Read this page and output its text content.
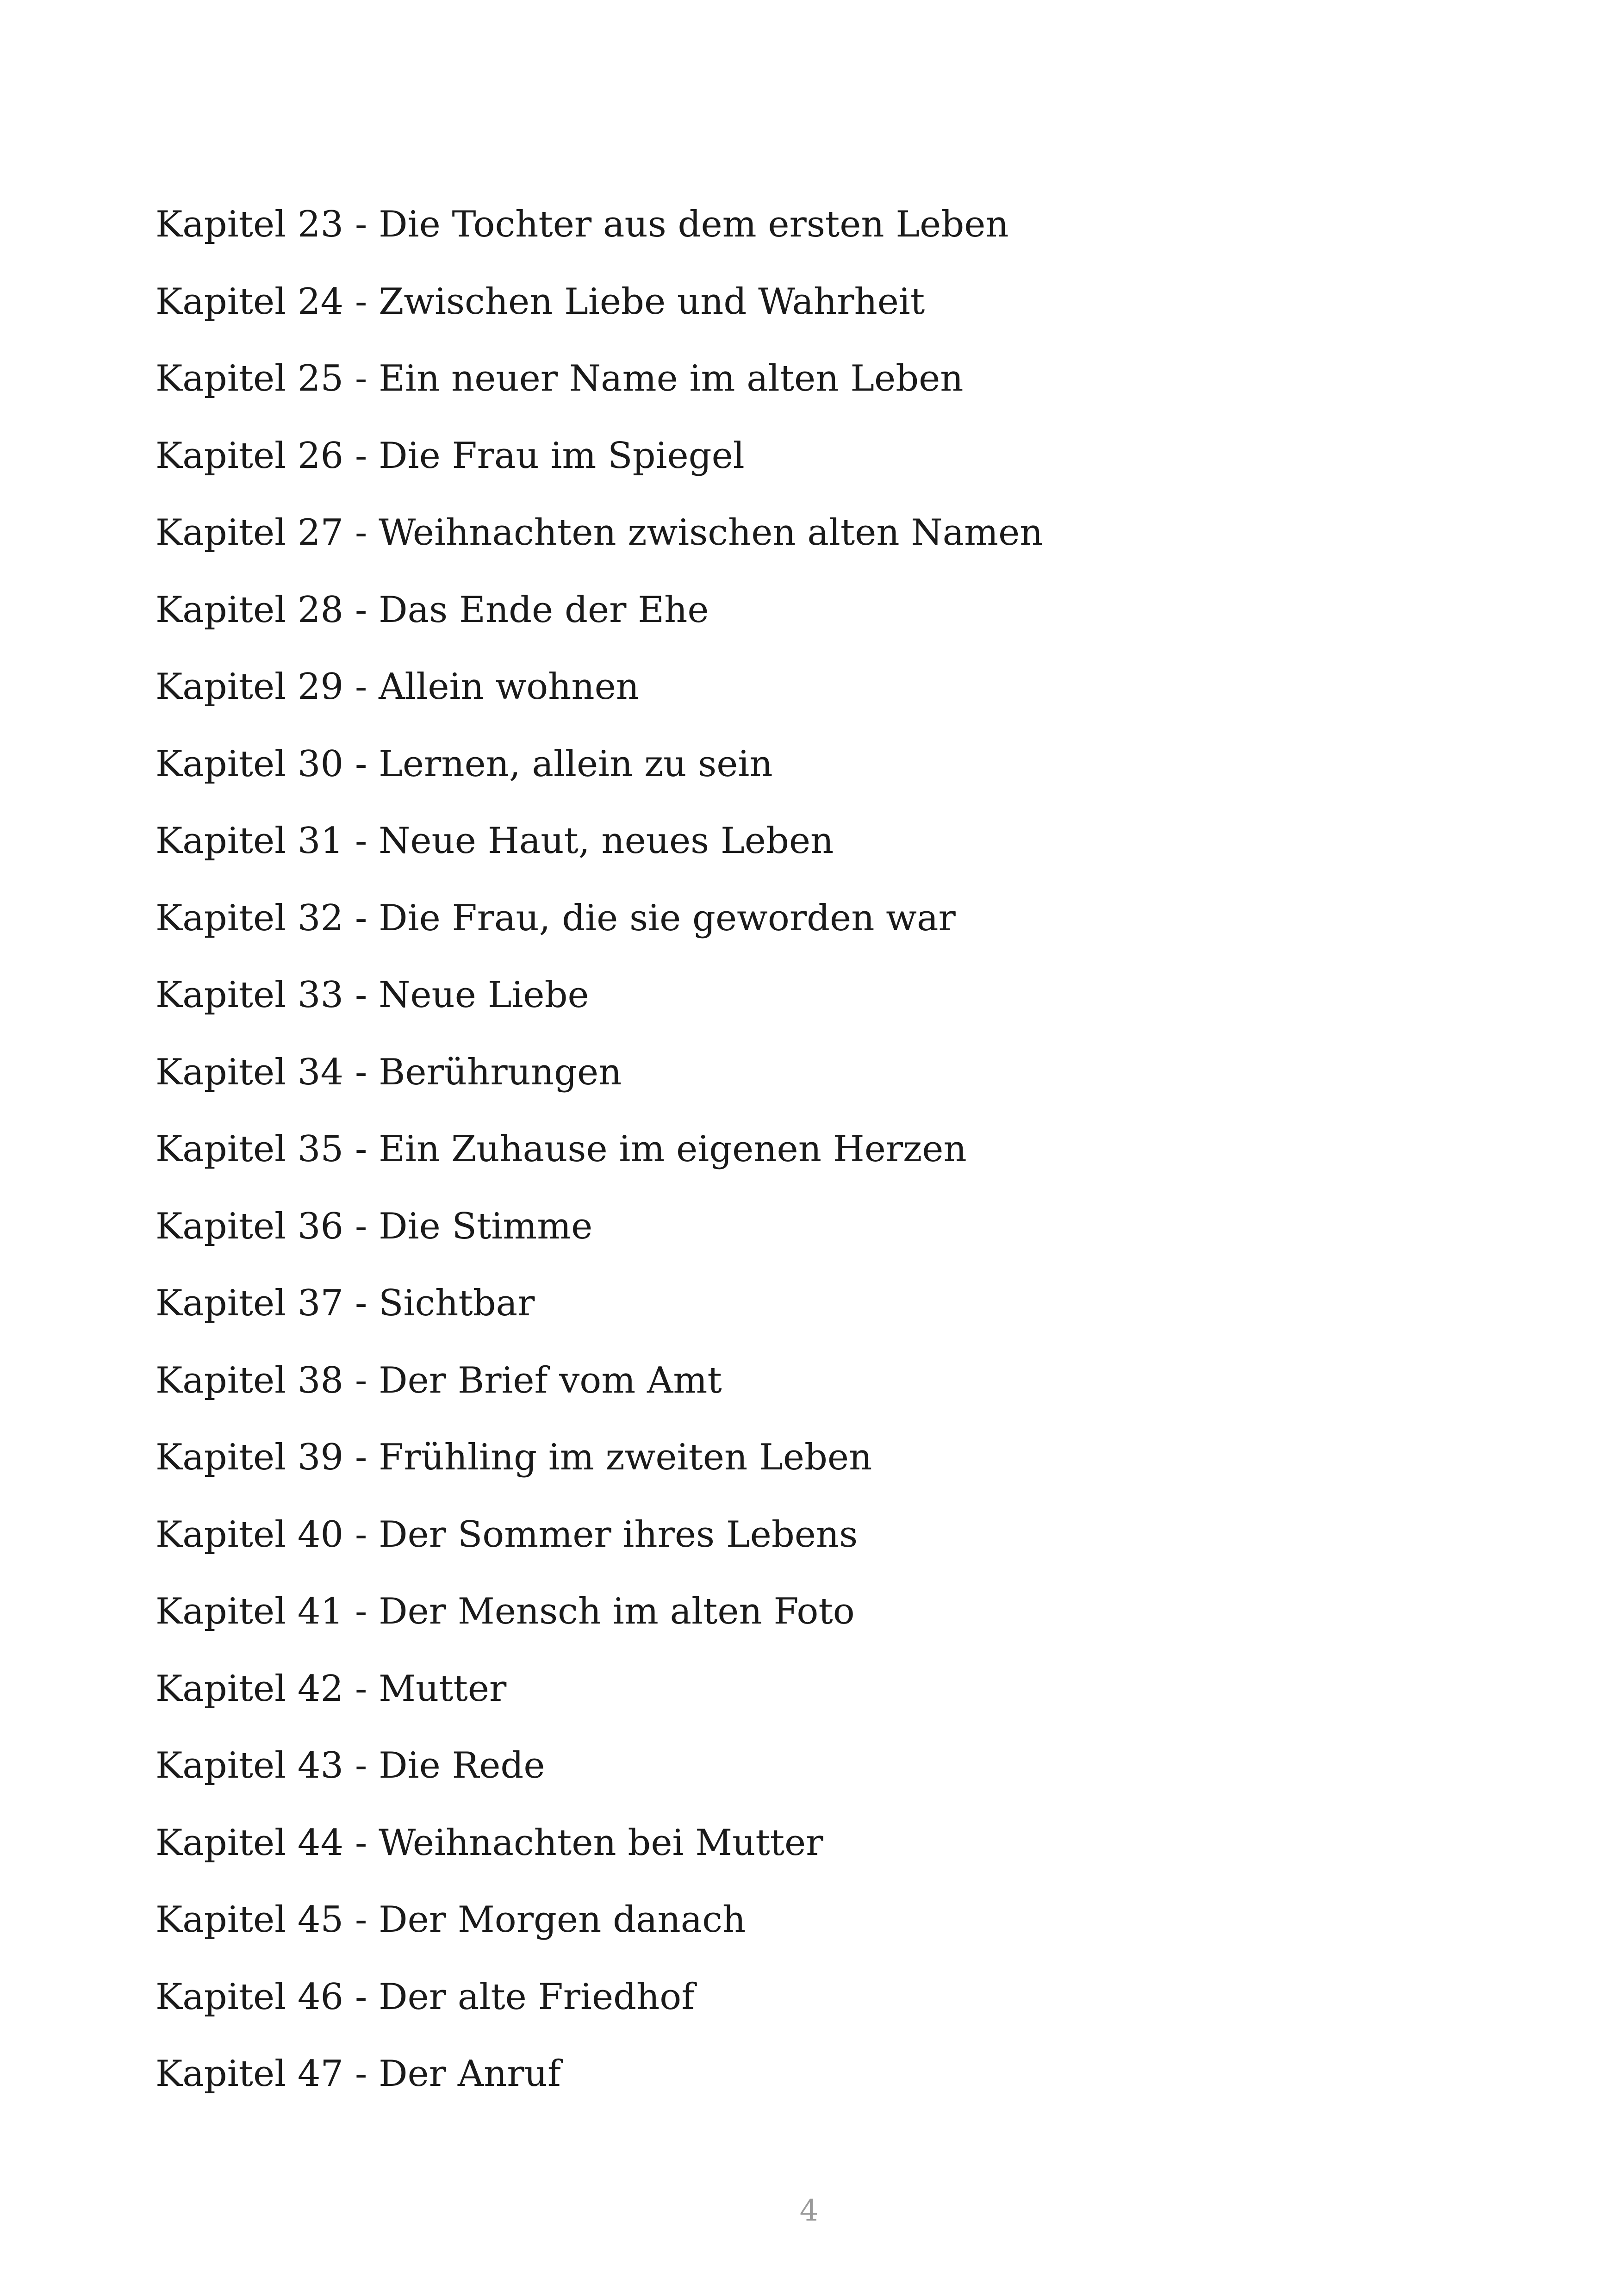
Kapitel 23 - Die Tochter aus dem ersten Leben
Kapitel 24 - Zwischen Liebe und Wahrheit
Kapitel 25 - Ein neuer Name im alten Leben
Kapitel 26 - Die Frau im Spiegel
Kapitel 27 - Weihnachten zwischen alten Namen
Kapitel 28 - Das Ende der Ehe
Kapitel 29 - Allein wohnen
Kapitel 30 - Lernen, allein zu sein
Kapitel 31 - Neue Haut, neues Leben
Kapitel 32 - Die Frau, die sie geworden war
Kapitel 33 - Neue Liebe
Kapitel 34 - Berührungen
Kapitel 35 - Ein Zuhause im eigenen Herzen
Kapitel 36 - Die Stimme
Kapitel 37 - Sichtbar
Kapitel 38 - Der Brief vom Amt
Kapitel 39 - Frühling im zweiten Leben
Kapitel 40 - Der Sommer ihres Lebens
Kapitel 41 - Der Mensch im alten Foto
Kapitel 42 - Mutter
Kapitel 43 - Die Rede
Kapitel 44 - Weihnachten bei Mutter
Kapitel 45 - Der Morgen danach
Kapitel 46 - Der alte Friedhof
Kapitel 47 - Der Anruf
4
